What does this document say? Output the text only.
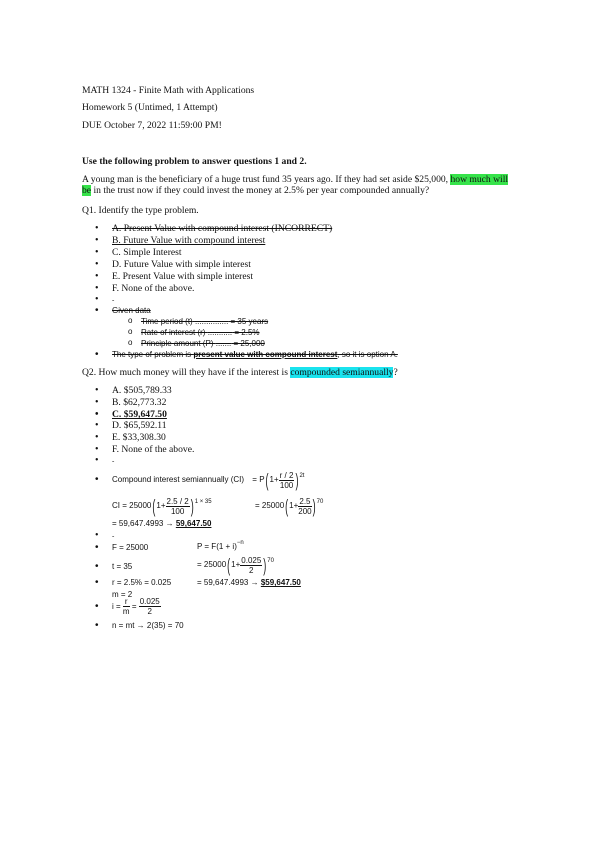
MATH 1324 - Finite Math with Applications
Homework 5 (Untimed, 1 Attempt)
DUE October 7, 2022 11:59:00 PM!
Use the following problem to answer questions 1 and 2.
A young man is the beneficiary of a huge trust fund 35 years ago. If they had set aside $25,000, how much will be in the trust now if they could invest the money at 2.5% per year compounded annually?
Q1. Identify the type problem.
• A. Present Value with compound interest (INCORRECT)
• B. Future Value with compound interest
• C. Simple Interest
• D. Future Value with simple interest
• E. Present Value with simple interest
• F. None of the above.
• -
• Given data
o Time period (t) ............... = 35 years
o Rate of interest (r) ........... = 2.5%
o Principle amount (P) ....... = 25,000
• The type of problem is present value with compound interest, so it is option A.
Q2. How much money will they have if the interest is compounded semiannually?
• A. $505,789.33
• B. $62,773.32
• C. $59,647.50
• D. $65,592.11
• E. $33,308.30
• F. None of the above.
• -
• Compound interest semiannually $(CI) = P(1+ \frac{r / 2}{100} )^{2t}$
CI = $25000(1+ \frac{2.5 / 2}{100} )^{1 \times 35}$	= $25000(1+ \frac{2.5}{200} )^{70}$
= 59,647.4993 → 59,647.50
• -
• F = 25000
• t = 35
• r = 2.5% = 0.025
m = 2
• $i = \frac{r}{m} = \frac{0.025}{2}$
• n = mt → 2(35) = 70
$P = F(1 + i)^{-n}$
= $25000(1+ \frac{0.025}{2} )^{70}$
= 59,647.4993 → $59,647.50
